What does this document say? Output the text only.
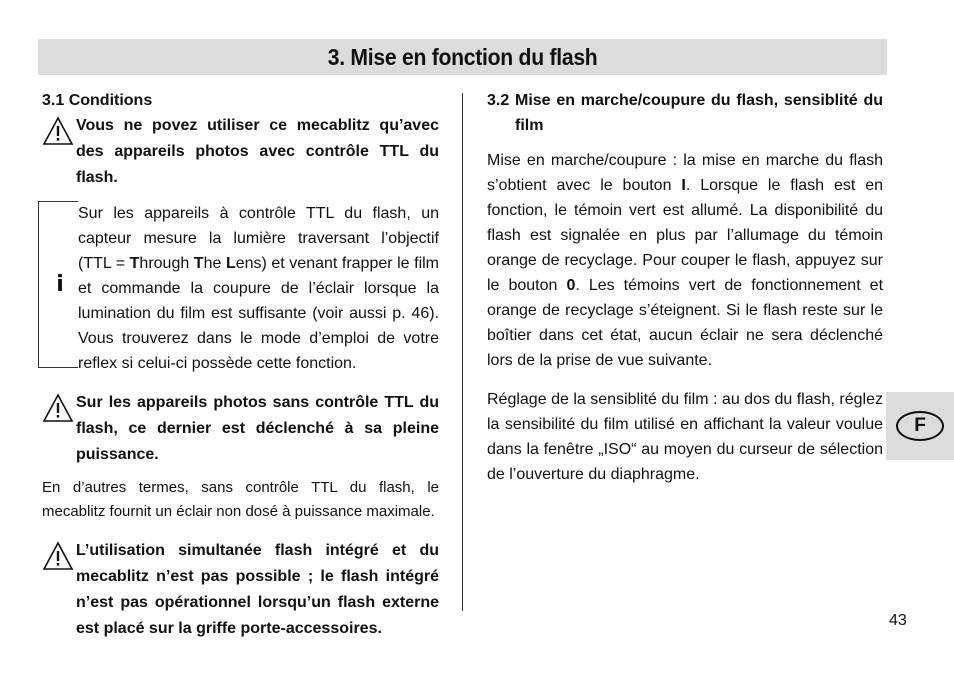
3. Mise en fonction du flash
3.1 Conditions
Vous ne povez utiliser ce mecablitz qu’avec des appareils photos avec contrôle TTL du flash.
i
Sur les appareils à contrôle TTL du flash, un capteur mesure la lumière traversant l’objectif (TTL = Through The Lens) et venant frapper le film et commande la coupure de l’éclair lorsque la lumination du film est suffisante (voir aussi p. 46). Vous trouverez dans le mode d’emploi de votre reflex si celui-ci possède cette fonction.
Sur les appareils photos sans contrôle TTL du flash, ce dernier est déclenché à sa pleine puissance.
En d’autres termes, sans contrôle TTL du flash, le mecablitz fournit un éclair non dosé à puissance maximale.
L’utilisation simultanée flash intégré et du mecablitz n’est pas possible ; le flash intégré n’est pas opérationnel lorsqu’un flash externe est placé sur la griffe porte-accessoires.
3.2 Mise en marche/coupure du flash, sensiblité du film
Mise en marche/coupure : la mise en marche du flash s’obtient avec le bouton I. Lorsque le flash est en fonction, le témoin vert est allumé. La disponibilité du flash est signalée en plus par l’allumage du témoin orange de recyclage. Pour couper le flash, appuyez sur le bouton 0. Les témoins vert de fonctionnement et orange de recyclage s’éteignent. Si le flash reste sur le boîtier dans cet état, aucun éclair ne sera déclenché lors de la prise de vue suivante.
Réglage de la sensiblité du film : au dos du flash, réglez la sensibilité du film utilisé en affichant la valeur voulue dans la fenêtre „ISO“ au moyen du curseur de sélection de l’ouverture du diaphragme.
F
43
